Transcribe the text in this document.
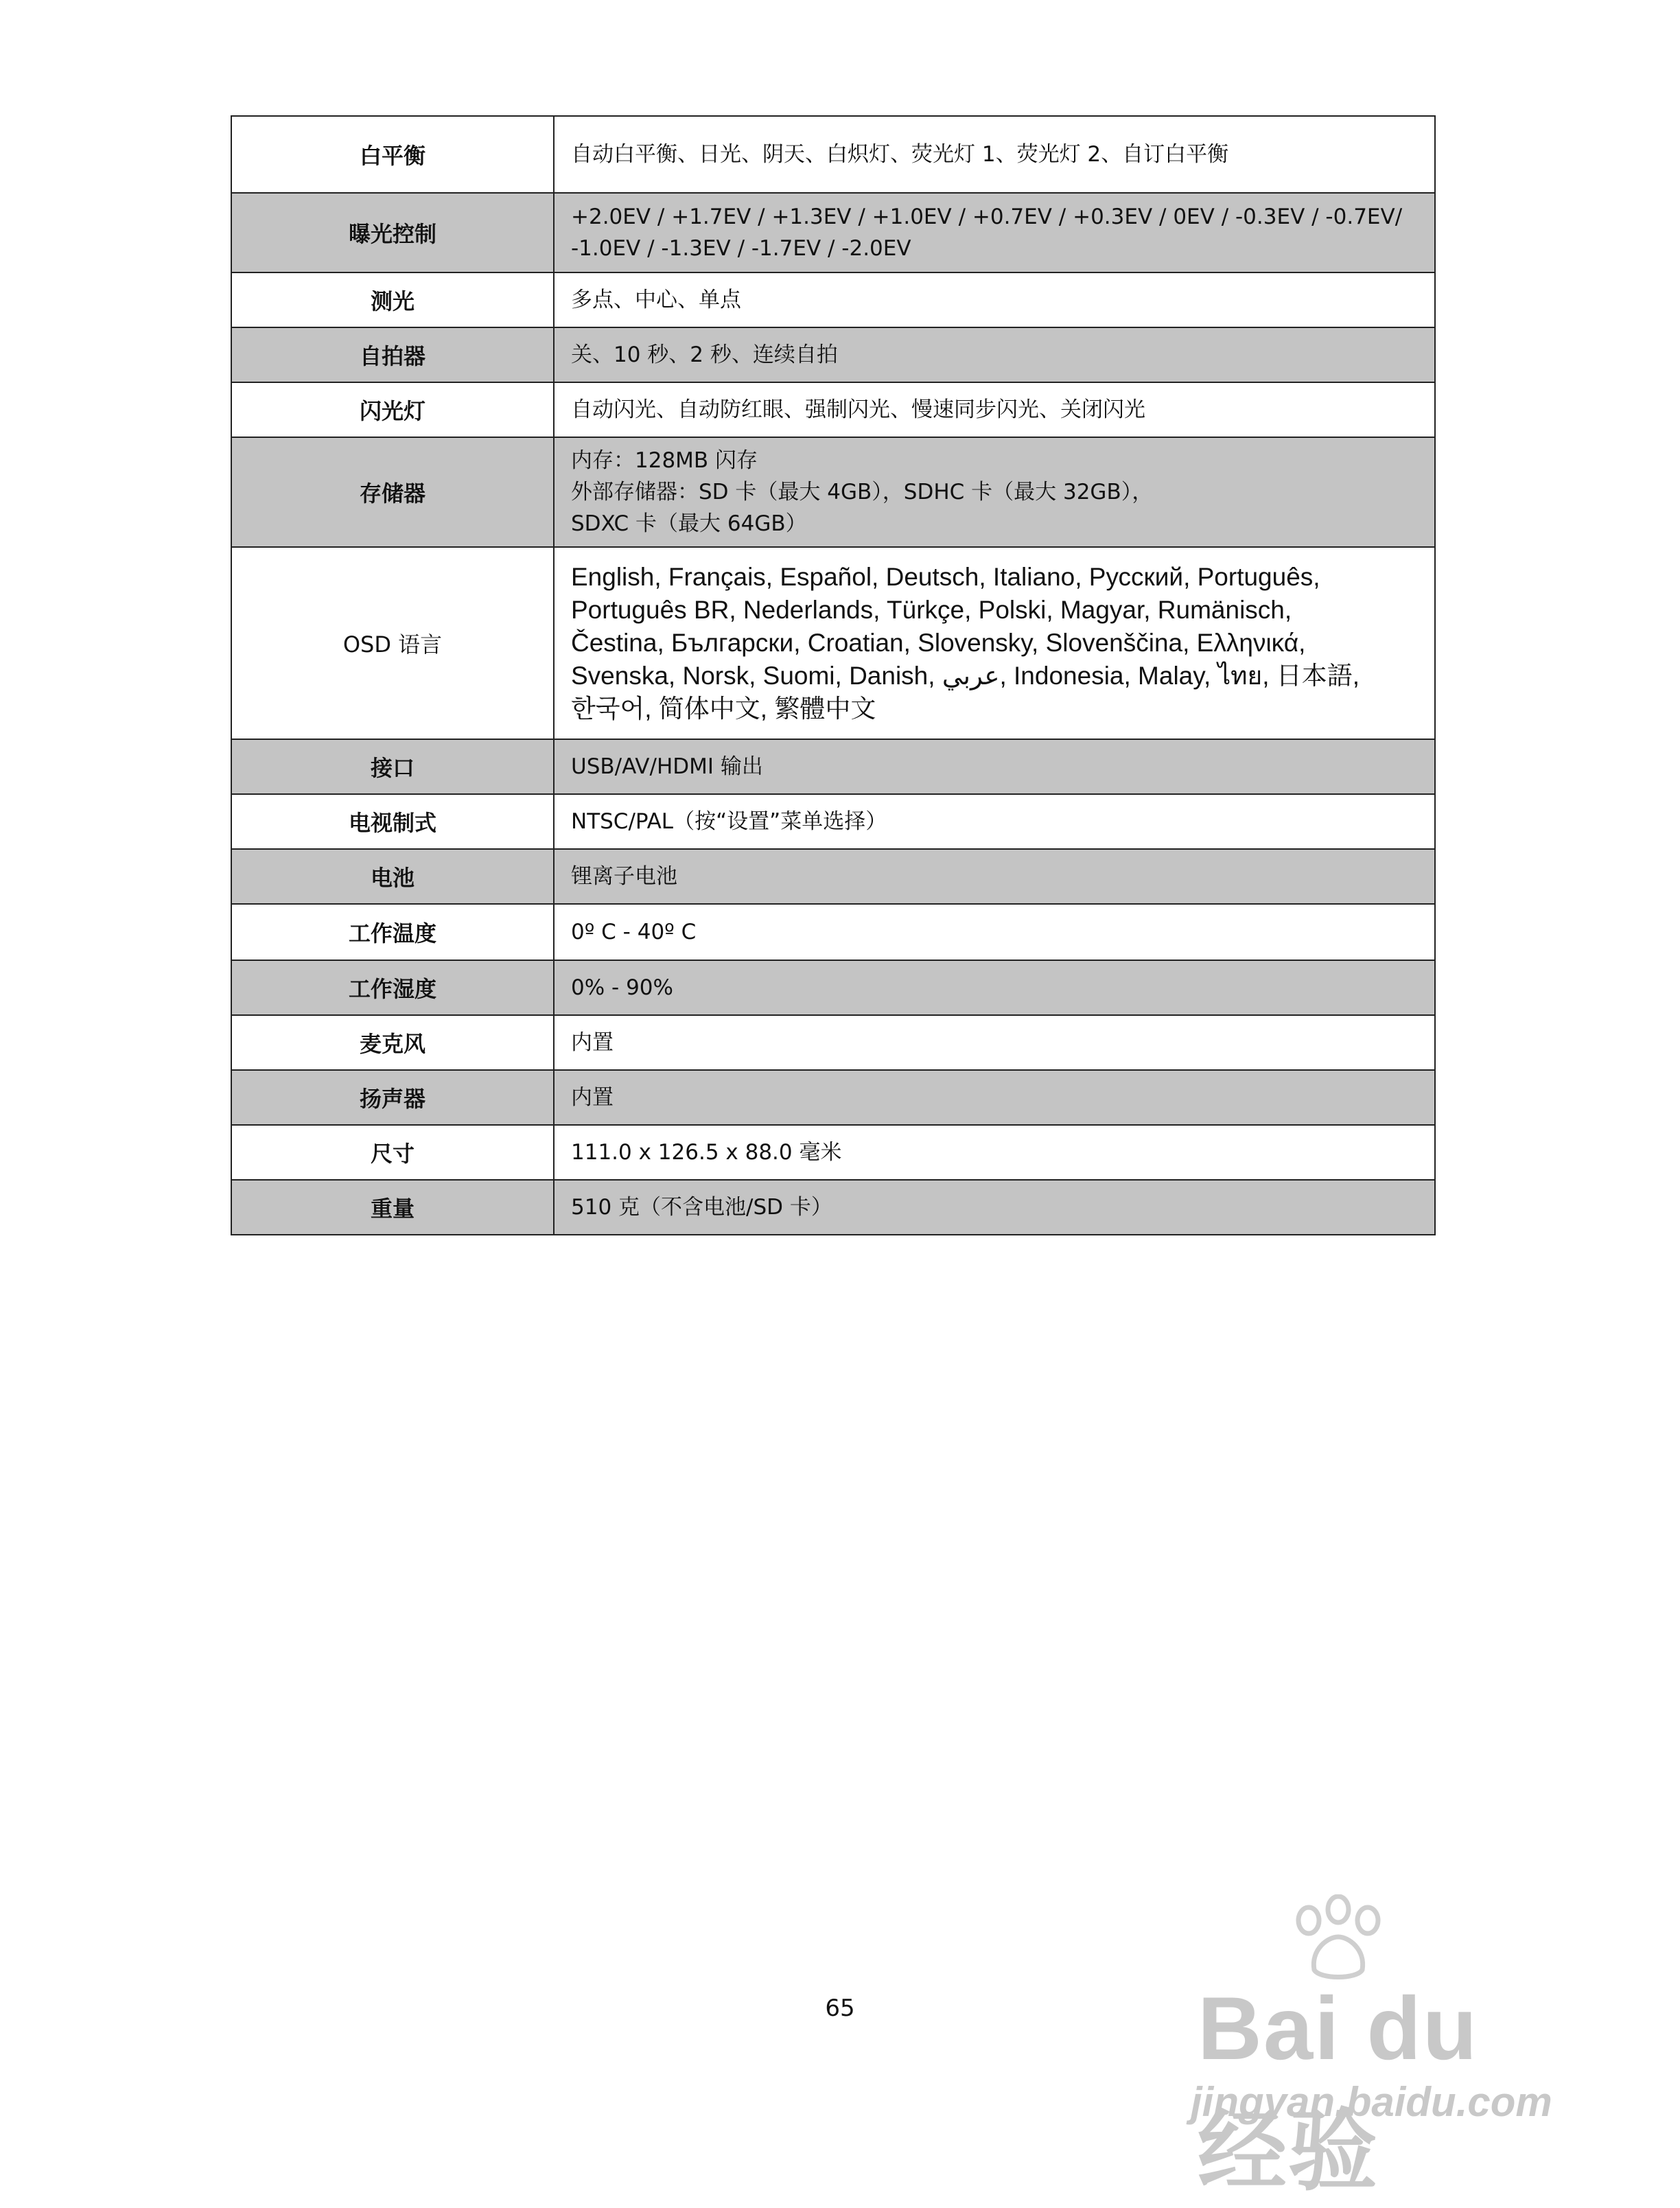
白平衡	自动白平衡、日光、阴天、白炽灯、荧光灯 1、荧光灯 2、自订白平衡

曝光控制	+2.0EV / +1.7EV / +1.3EV / +1.0EV / +0.7EV / +0.3EV / 0EV / -0.3EV / -0.7EV/
-1.0EV / -1.3EV / -1.7EV / -2.0EV

测光	多点、中心、单点

自拍器	关、10 秒、2 秒、连续自拍

闪光灯	自动闪光、自动防红眼、强制闪光、慢速同步闪光、关闭闪光

存储器	内存：128MB 闪存
外部存储器：SD 卡（最大 4GB），SDHC 卡（最大 32GB），
SDXC 卡（最大 64GB）

OSD 语言	English, Français, Español, Deutsch, Italiano, Русский, Português,
Português BR, Nederlands, Türkçe, Polski, Magyar, Rumänisch,
Čestina, Български, Croatian, Slovensky, Slovenščina, Ελληνικά,
Svenska, Norsk, Suomi, Danish, عربي, Indonesia, Malay, ไทย, 日本語,
한국어, 简体中文, 繁體中文

接口	USB/AV/HDMI 输出

电视制式	NTSC/PAL（按“设置”菜单选择）

电池	锂离子电池

工作温度	0º C - 40º C

工作湿度	0% - 90%

麦克风	内置

扬声器	内置

尺寸	111.0 x 126.5 x 88.0 毫米

重量	510 克（不含电池/SD 卡）
65	Bai du 经验
jingyan.baidu.com
